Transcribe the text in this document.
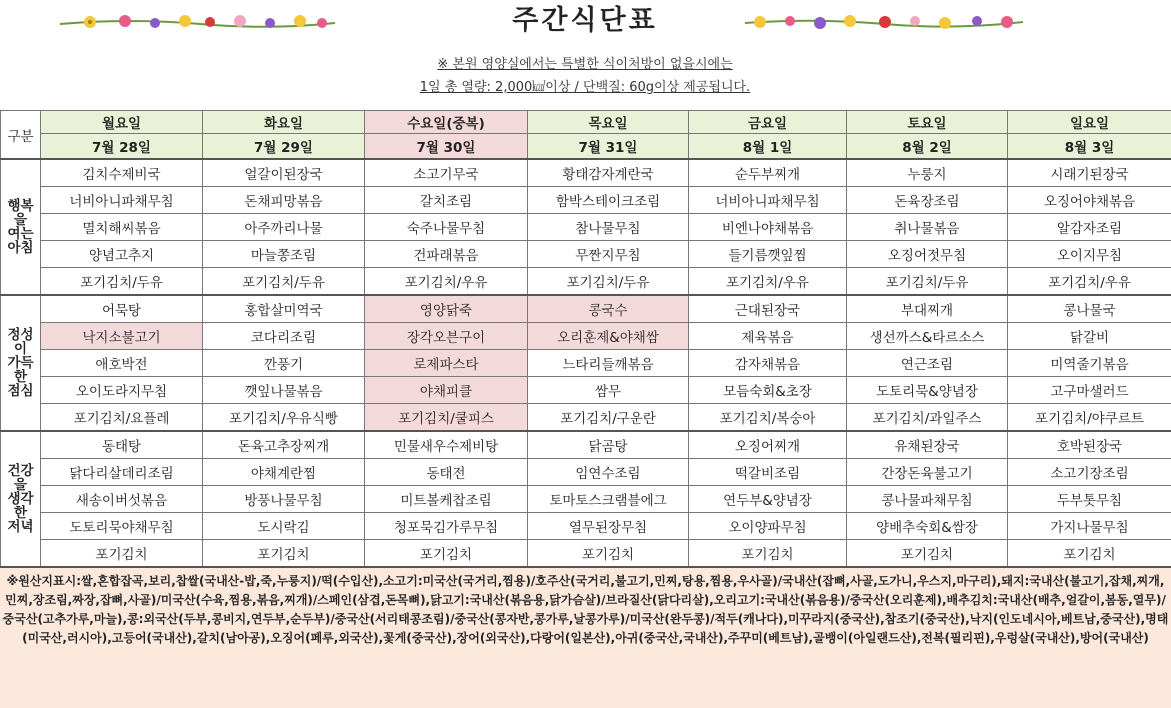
주간식단표
※ 본원 영양실에서는 특별한 식이처방이 없을시에는
1일 총 열량: 2,000㎉이상 / 단백질: 60g이상 제공됩니다.
구분	월요일	화요일	수요일(중복)	목요일	금요일	토요일	일요일
	7월 28일	7월 29일	7월 30일	7월 31일	8월 1일	8월 2일	8월 3일
행복을
여는
아침	김치수제비국	얼갈이된장국	소고기무국	황태감자계란국	순두부찌개	누룽지	시래기된장국
	너비아니파채무침	돈채피망볶음	갈치조림	함박스테이크조림	너비아니파채무침	돈육장조림	오징어야채볶음
	멸치해씨볶음	아주까리나물	숙주나물무침	참나물무침	비엔나야채볶음	취나물볶음	알감자조림
	양념고추지	마늘쫑조림	건파래볶음	무짠지무침	들기름깻잎찜	오징어젓무침	오이지무침
	포기김치/두유	포기김치/두유	포기김치/우유	포기김치/두유	포기김치/우유	포기김치/두유	포기김치/우유
정성이
가득한
점심	어묵탕	홍합살미역국	영양닭죽	콩국수	근대된장국	부대찌개	콩나물국
	낙지소불고기	코다리조림	장각오븐구이	오리훈제&야채쌈	제육볶음	생선까스&타르소스	닭갈비
	애호박전	깐풍기	로제파스타	느타리들깨볶음	감자채볶음	연근조림	미역줄기볶음
	오이도라지무침	깻잎나물볶음	야채피클	쌈무	모듬숙회&초장	도토리묵&양념장	고구마샐러드
	포기김치/요플레	포기김치/우유식빵	포기김치/쿨피스	포기김치/구운란	포기김치/복숭아	포기김치/과일주스	포기김치/야쿠르트
건강을
생각한
저녁	동태탕	돈육고추장찌개	민물새우수제비탕	닭곰탕	오징어찌개	유채된장국	호박된장국
	닭다리살데리조림	야채계란찜	동태전	임연수조림	떡갈비조림	간장돈육불고기	소고기장조림
	새송이버섯볶음	방풍나물무침	미트볼케찹조림	토마토스크램블에그	연두부&양념장	콩나물파채무침	두부톳무침
	도토리묵야채무침	도시락김	청포묵김가루무침	열무된장무침	오이양파무침	양배추숙회&쌈장	가지나물무침
	포기김치	포기김치	포기김치	포기김치	포기김치	포기김치	포기김치
※원산지표시:쌀,혼합잡곡,보리,찹쌀(국내산-밥,죽,누룽지)/떡(수입산),소고기:미국산(국거리,찜용)/호주산(국거리,불고기,민찌,탕용,찜용,우사골)/국내산(잡뼈,사골,도가니,우스지,마구리),돼지:국내산(불고기,잡채,찌개,민찌,장조림,짜장,잡뼈,사골)/미국산(수육,찜용,볶음,찌개)/스페인(삼겹,돈목뼈),닭고기:국내산(볶음용,닭가슴살)/브라질산(닭다리살),오리고기:국내산(볶음용)/중국산(오리훈제),배추김치:국내산(배추,얼갈이,봄동,열무)/중국산(고추가루,마늘),콩:외국산(두부,콩비지,연두부,순두부)/중국산(서리태콩조림)/중국산(콩자반,콩가루,날콩가루)/미국산(완두콩)/적두(캐나다),미꾸라지(중국산),참조기(중국산),낙지(인도네시아,베트남,중국산),명태(미국산,러시아),고등어(국내산),갈치(남아공),오징어(페루,외국산),꽃게(중국산),장어(외국산),다랑어(일본산),아귀(중국산,국내산),주꾸미(베트남),골뱅이(아일랜드산),전복(필리핀),우렁살(국내산),방어(국내산)
